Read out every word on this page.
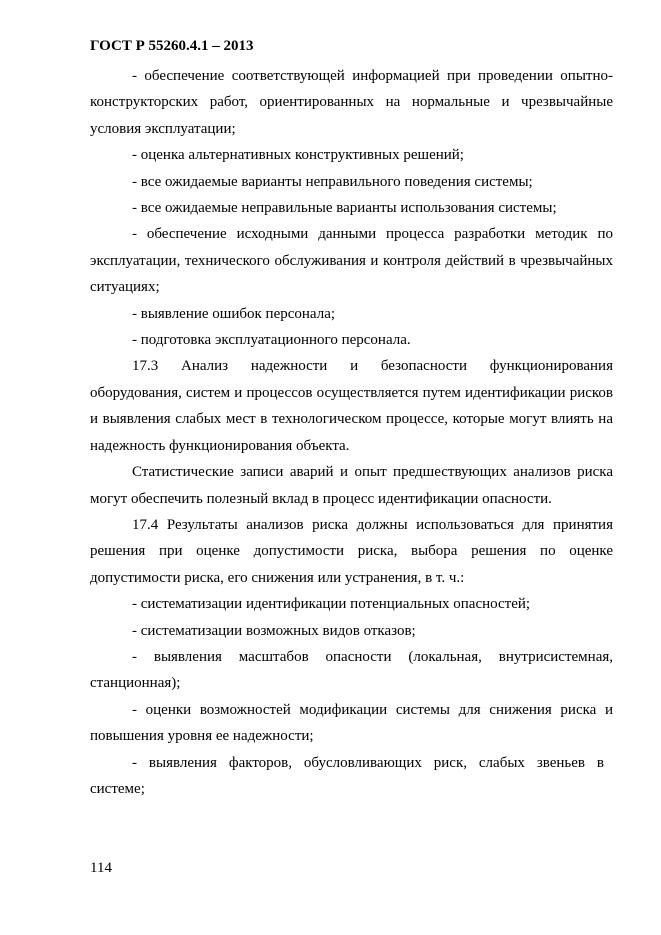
ГОСТ Р 55260.4.1 – 2013

- обеспечение соответствующей информацией при проведении опытно-конструкторских работ, ориентированных на нормальные и чрезвычайные условия эксплуатации;

- оценка альтернативных конструктивных решений;

- все ожидаемые варианты неправильного поведения системы;

- все ожидаемые неправильные варианты использования системы;

- обеспечение исходными данными процесса разработки методик по эксплуатации, технического обслуживания и контроля действий в чрезвычайных ситуациях;

- выявление ошибок персонала;

- подготовка эксплуатационного персонала.

17.3 Анализ надежности и безопасности функционирования оборудования, систем и процессов осуществляется путем идентификации рисков и выявления слабых мест в технологическом процессе, которые могут влиять на надежность функционирования объекта.

Статистические записи аварий и опыт предшествующих анализов риска могут обеспечить полезный вклад в процесс идентификации опасности.

17.4 Результаты анализов риска должны использоваться для принятия решения при оценке допустимости риска, выбора решения по оценке допустимости риска, его снижения или устранения, в т. ч.:

- систематизации идентификации потенциальных опасностей;

- систематизации возможных видов отказов;

- выявления масштабов опасности (локальная, внутрисистемная, станционная);

- оценки возможностей модификации системы для снижения риска и повышения уровня ее надежности;

- выявления факторов, обусловливающих риск, слабых звеньев в системе;

114
